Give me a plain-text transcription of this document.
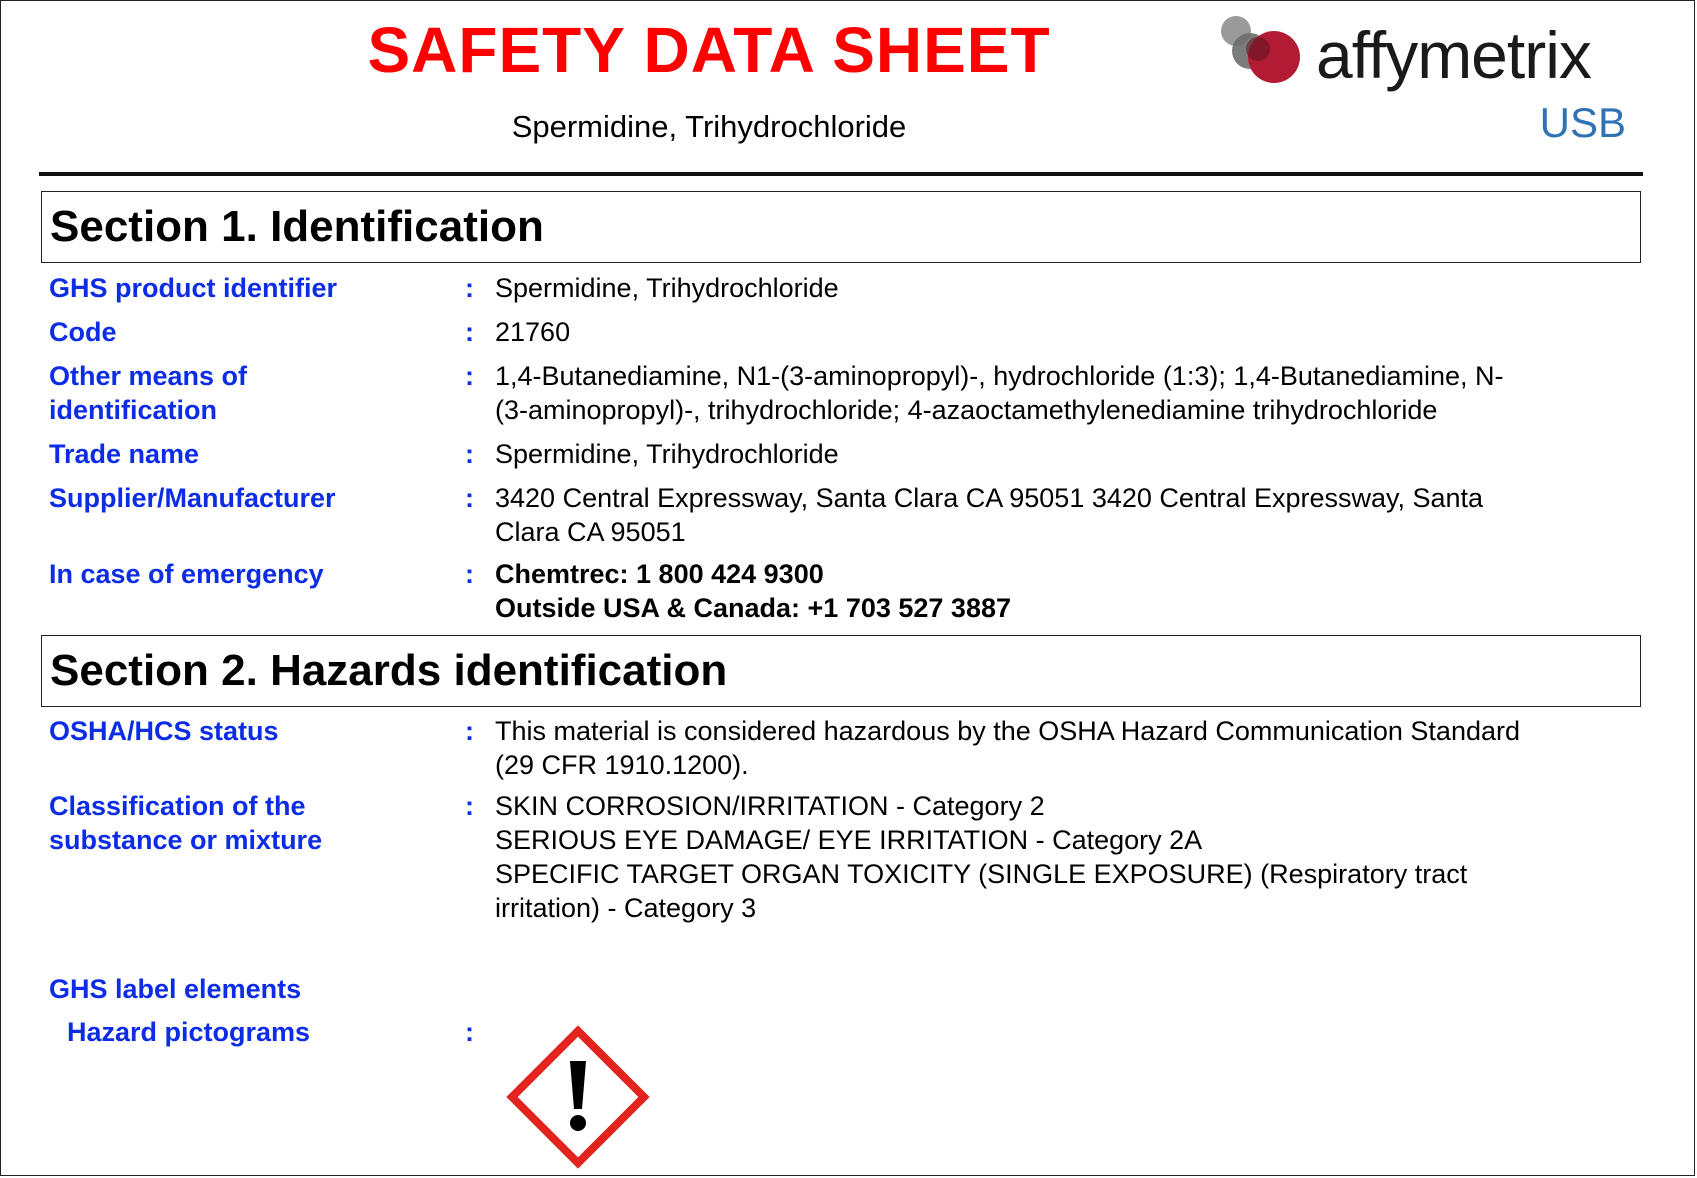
SAFETY DATA SHEET
Spermidine, Trihydrochloride
affymetrix
USB
Section 1. Identification
GHS product identifier	: Spermidine, Trihydrochloride
Code	: 21760
Other means of
identification
: 1,4-Butanediamine, N1-(3-aminopropyl)-, hydrochloride (1:3); 1,4-Butanediamine, N-
(3-aminopropyl)-, trihydrochloride; 4-azaoctamethylenediamine trihydrochloride
Trade name	: Spermidine, Trihydrochloride
Supplier/Manufacturer	: 3420 Central Expressway, Santa Clara CA 95051 3420 Central Expressway, Santa
Clara CA 95051
In case of emergency	: Chemtrec: 1 800 424 9300
Outside USA & Canada: +1 703 527 3887
Section 2. Hazards identification
OSHA/HCS status	: This material is considered hazardous by the OSHA Hazard Communication Standard
(29 CFR 1910.1200).
Classification of the
substance or mixture
: SKIN CORROSION/IRRITATION - Category 2
SERIOUS EYE DAMAGE/ EYE IRRITATION - Category 2A
SPECIFIC TARGET ORGAN TOXICITY (SINGLE EXPOSURE) (Respiratory tract
irritation) - Category 3
GHS label elements
Hazard pictograms	:
